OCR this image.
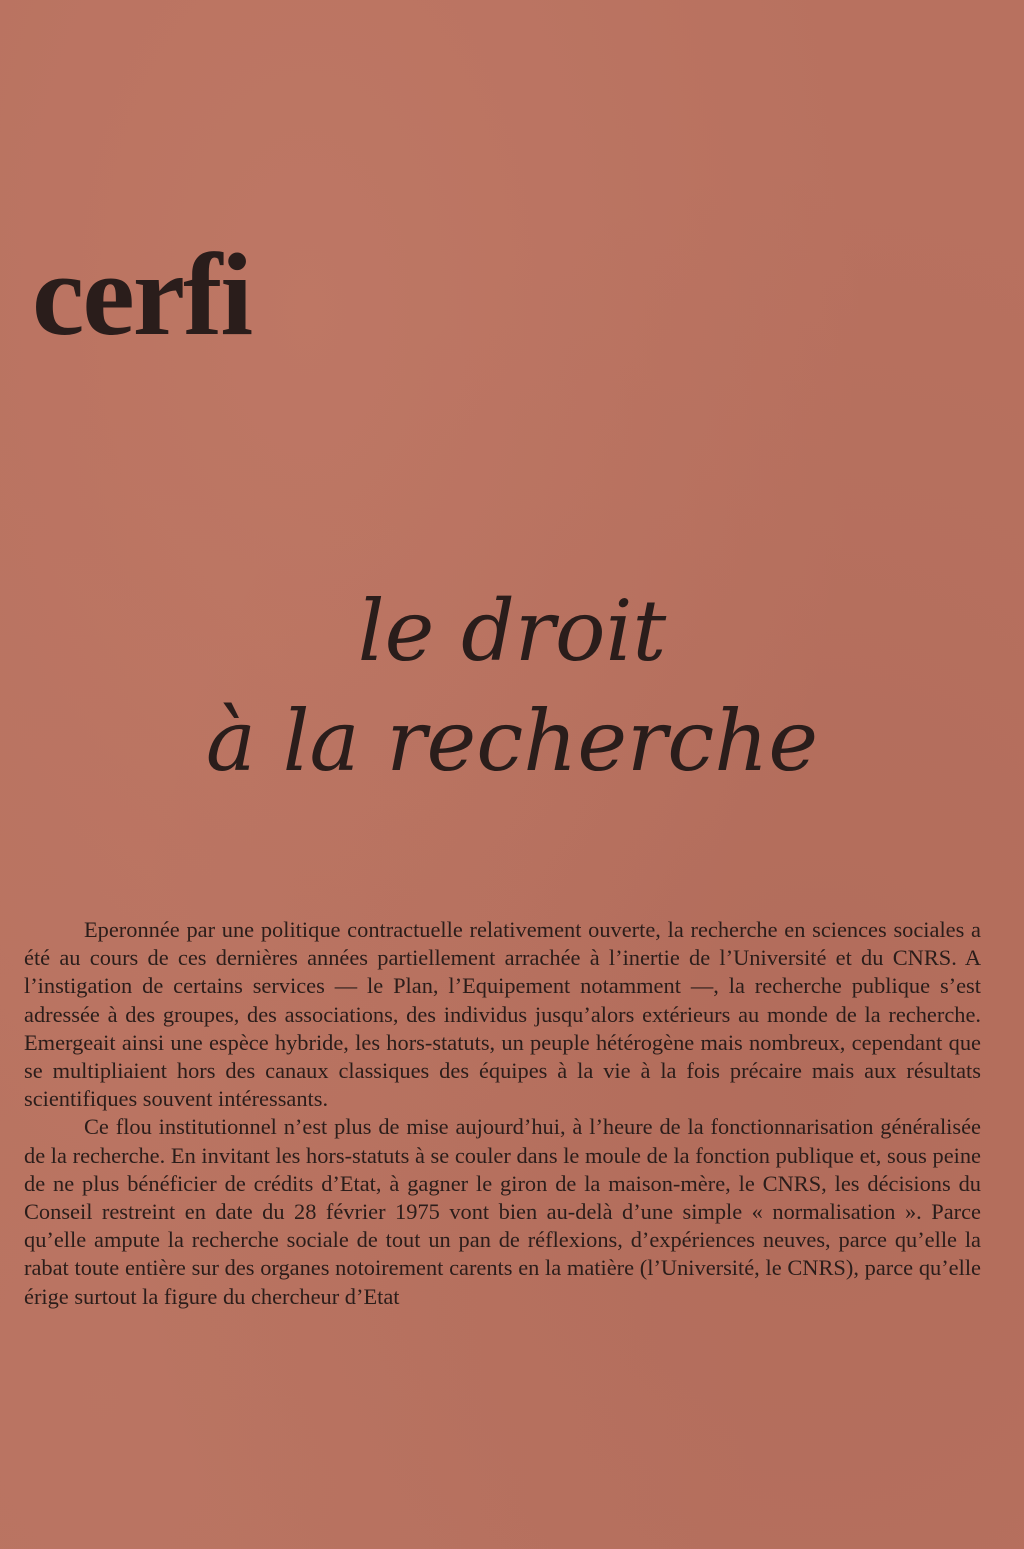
cerfi
le droit
à la recherche

Eperonnée par une politique contractuelle relativement ouverte, la recherche en sciences sociales a été au cours de ces dernières années partiellement arrachée à l’inertie de l’Université et du CNRS. A l’instigation de certains services — le Plan, l’Equipement notamment —, la recherche publique s’est adressée à des groupes, des associations, des individus jusqu’alors extérieurs au monde de la recherche. Emergeait ainsi une espèce hybride, les hors-statuts, un peuple hétérogène mais nombreux, cependant que se multipliaient hors des canaux classiques des équipes à la vie à la fois précaire mais aux résultats scientifiques souvent intéressants.

Ce flou institutionnel n’est plus de mise aujourd’hui, à l’heure de la fonctionnarisation généralisée de la recherche. En invitant les hors-statuts à se couler dans le moule de la fonction publique et, sous peine de ne plus bénéficier de crédits d’Etat, à gagner le giron de la maison-mère, le CNRS, les décisions du Conseil restreint en date du 28 février 1975 vont bien au-delà d’une simple « normalisation ». Parce qu’elle ampute la recherche sociale de tout un pan de réflexions, d’expériences neuves, parce qu’elle la rabat toute entière sur des organes notoirement carents en la matière (l’Université, le CNRS), parce qu’elle érige surtout la figure du chercheur d’Etat
